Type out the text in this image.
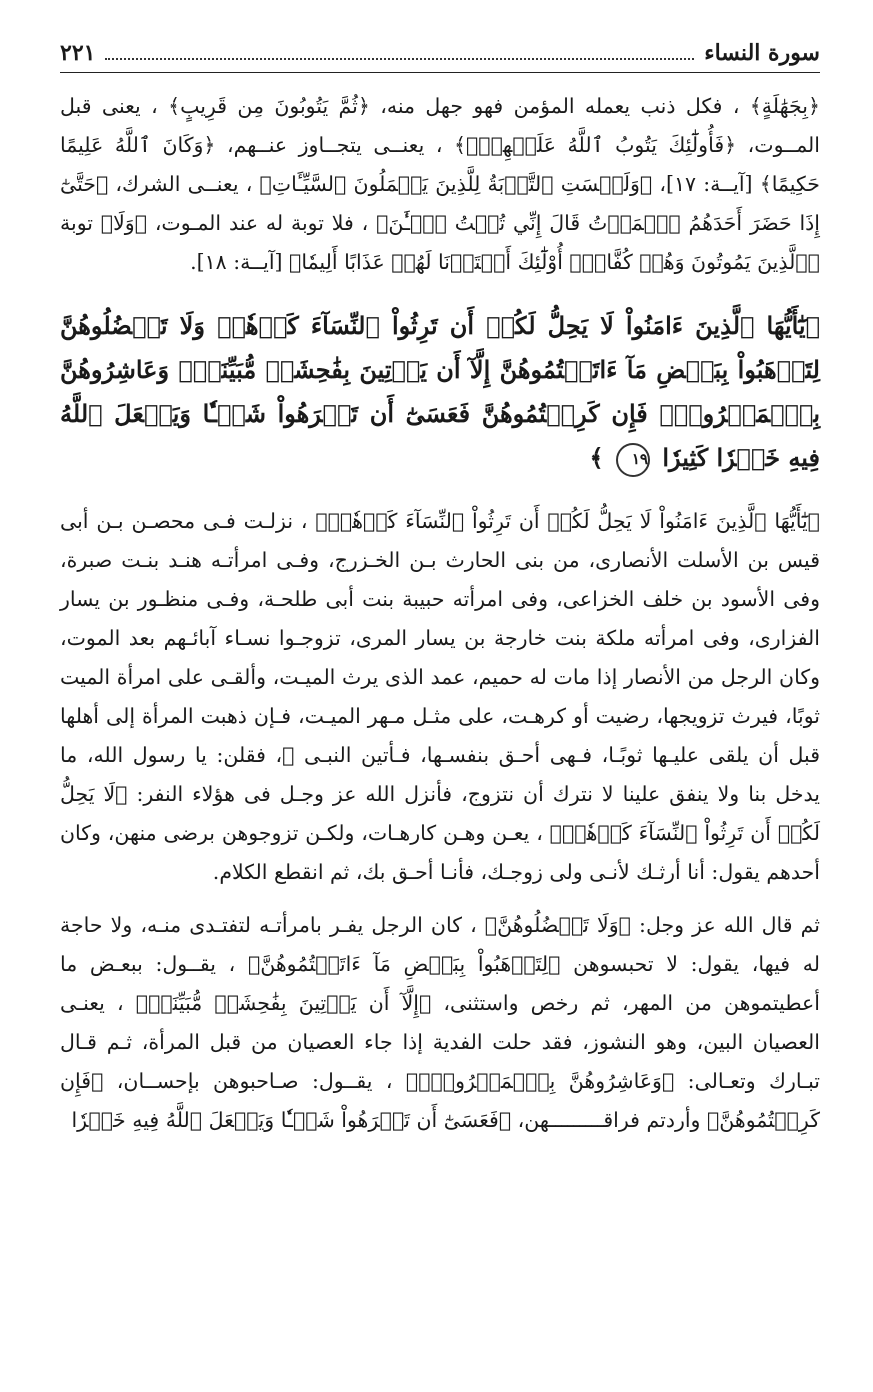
سورة النساء
٢٢١

﴿بِجَهَٰلَةٍ﴾ ، فكل ذنب يعمله المؤمن فهو جهل منه، ﴿ثُمَّ يَتُوبُونَ مِن قَرِيبٍ﴾ ، يعنى قبل المــوت، ﴿فَأُولَٰٓئِكَ يَتُوبُ ٱللَّهُ عَلَيۡهِمۡۗ﴾ ، يعنــى يتجــاوز عنــهم، ﴿وَكَانَ ٱللَّهُ عَلِيمًا حَكِيمًا﴾ [آيــة: ١٧]، ﴿وَلَيۡسَتِ ٱلتَّوۡبَةُ لِلَّذِينَ يَعۡمَلُونَ ٱلسَّيِّـَٔاتِ﴾ ، يعنــى الشرك، ﴿حَتَّىٰٓ إِذَا حَضَرَ أَحَدَهُمُ ٱلۡمَوۡتُ قَالَ إِنِّي تُبۡتُ ٱلۡـَٰٔنَ﴾ ، فلا توبة له عند المـوت، ﴿وَلَا﴾ توبة ﴿ٱلَّذِينَ يَمُوتُونَ وَهُمۡ كُفَّارٌۚ أُوْلَٰٓئِكَ أَعۡتَدۡنَا لَهُمۡ عَذَابًا أَلِيمٗا﴾ [آيــة: ١٨].

﴿يَٰٓأَيُّهَا ٱلَّذِينَ ءَامَنُواْ لَا يَحِلُّ لَكُمۡ أَن تَرِثُواْ ٱلنِّسَآءَ كَرۡهٗاۖ وَلَا تَعۡضُلُوهُنَّ لِتَذۡهَبُواْ بِبَعۡضِ مَآ ءَاتَيۡتُمُوهُنَّ إِلَّآ أَن يَأۡتِينَ بِفَٰحِشَةٖ مُّبَيِّنَةٖۚ وَعَاشِرُوهُنَّ بِٱلۡمَعۡرُوفِۚ فَإِن كَرِهۡتُمُوهُنَّ فَعَسَىٰٓ أَن تَكۡرَهُواْ شَيۡـٔٗا وَيَجۡعَلَ ٱللَّهُ فِيهِ خَيۡرٗا كَثِيرٗا ١٩ ﴾

﴿يَٰٓأَيُّهَا ٱلَّذِينَ ءَامَنُواْ لَا يَحِلُّ لَكُمۡ أَن تَرِثُواْ ٱلنِّسَآءَ كَرۡهٗاۖ﴾ ، نزلـت فـى محصـن بـن أبى قيس بن الأسلت الأنصارى، من بنى الحارث بـن الخـزرج، وفـى امرأتـه هنـد بنـت صبرة، وفى الأسود بن خلف الخزاعى، وفى امرأته حبيبة بنت أبى طلحـة، وفـى منظـور بن يسار الفزارى، وفى امرأته ملكة بنت خارجة بن يسار المرى، تزوجـوا نسـاء آبائـهم بعد الموت، وكان الرجل من الأنصار إذا مات له حميم، عمد الذى يرث الميـت، وألقـى على امرأة الميت ثوبًا، فيرث تزويجها، رضيت أو كرهـت، على مثـل مـهر الميـت، فـإن ذهبت المرأة إلى أهلها قبل أن يلقى عليـها ثوبًـا، فـهى أحـق بنفسـها، فـأتين النبـى ﷺ، فقلن: يا رسول الله، ما يدخل بنا ولا ينفق علينا لا نترك أن نتزوج، فأنزل الله عز وجـل فى هؤلاء النفر: ﴿لَا يَحِلُّ لَكُمۡ أَن تَرِثُواْ ٱلنِّسَآءَ كَرۡهٗاۖ﴾ ، يعـن وهـن كارهـات، ولكـن تزوجوهن برضى منهن، وكان أحدهم يقول: أنا أرثـك لأنـى ولى زوجـك، فأنـا أحـق بك، ثم انقطع الكلام.

ثم قال الله عز وجل: ﴿وَلَا تَعۡضُلُوهُنَّ﴾ ، كان الرجل يفـر بامرأتـه لتفتـدى منـه، ولا حاجة له فيها، يقول: لا تحبسوهن ﴿لِتَذۡهَبُواْ بِبَعۡضِ مَآ ءَاتَيۡتُمُوهُنَّ﴾ ، يقــول: ببعـض ما أعطيتموهن من المهر، ثم رخص واستثنى، ﴿إِلَّآ أَن يَأۡتِينَ بِفَٰحِشَةٖ مُّبَيِّنَةٖ﴾ ، يعنـى العصيان البين، وهو النشوز، فقد حلت الفدية إذا جاء العصيان من قبل المرأة، ثـم قـال تبـارك وتعـالى: ﴿وَعَاشِرُوهُنَّ بِٱلۡمَعۡرُوفِۚ﴾ ، يقــول: صـاحبوهن بإحســان، ﴿فَإِن كَرِهۡتُمُوهُنَّ﴾ وأردتم فراقـــــــــهن، ﴿فَعَسَىٰٓ أَن تَكۡرَهُواْ شَيۡـٔٗا وَيَجۡعَلَ ٱللَّهُ فِيهِ خَيۡرٗا
